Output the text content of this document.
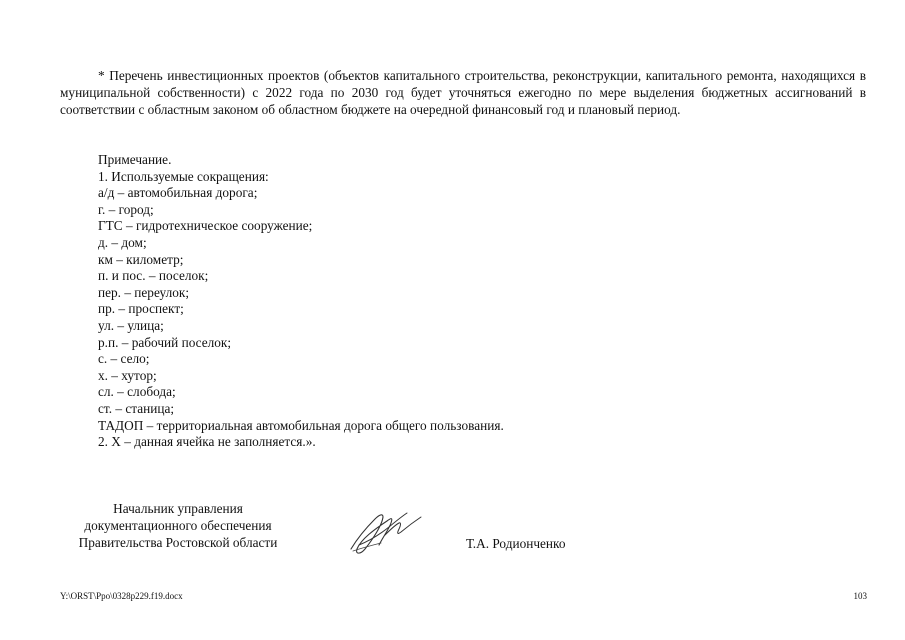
* Перечень инвестиционных проектов (объектов капитального строительства, реконструкции, капитального ремонта, находящихся в муниципальной собственности) с 2022 года по 2030 год будет уточняться ежегодно по мере выделения бюджетных ассигнований в соответствии с областным законом об областном бюджете на очередной финансовый год и плановый период.

Примечание.
1. Используемые сокращения:
а/д – автомобильная дорога;
г. – город;
ГТС – гидротехническое сооружение;
д. – дом;
км – километр;
п. и пос. – поселок;
пер. – переулок;
пр. – проспект;
ул. – улица;
р.п. – рабочий поселок;
с. – село;
х. – хутор;
сл. – слобода;
ст. – станица;
ТАДОП – территориальная автомобильная дорога общего пользования.
2. Х – данная ячейка не заполняется.».
Начальник управления
документационного обеспечения
Правительства Ростовской области	Т.А. Родионченко
Y:\ORST\Ppo\0328p229.f19.docx	103
